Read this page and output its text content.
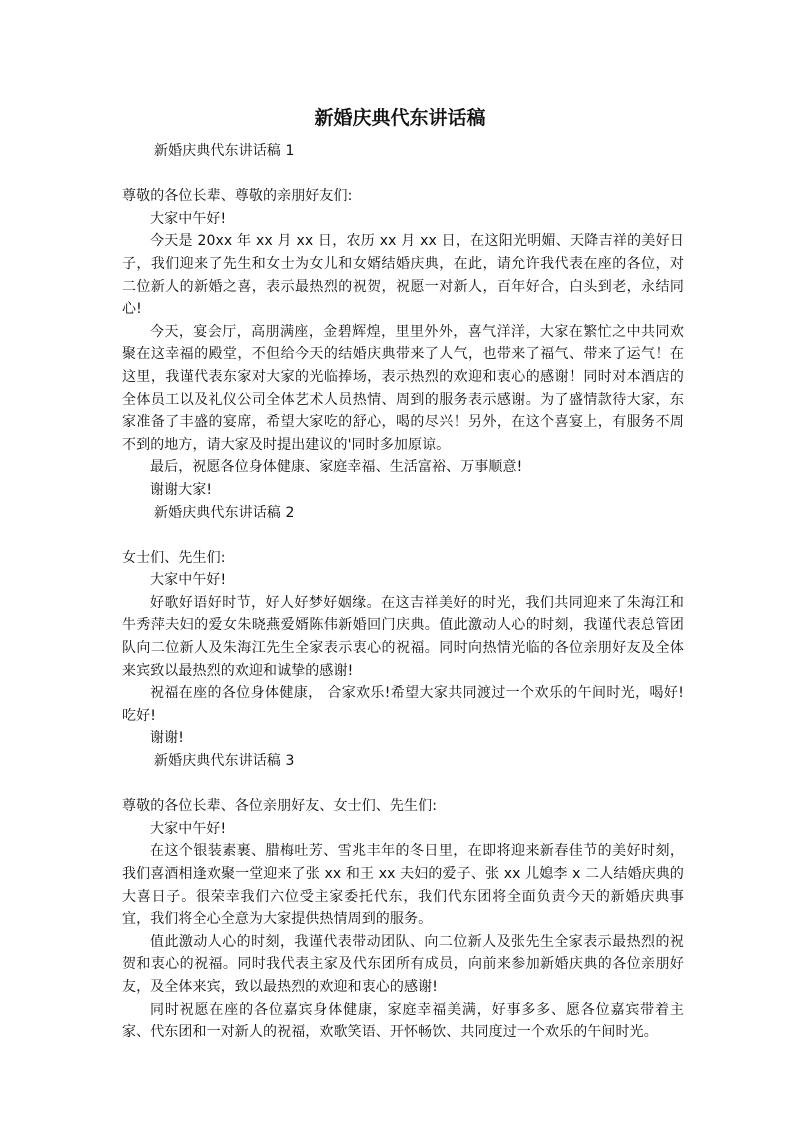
新婚庆典代东讲话稿

新婚庆典代东讲话稿 1

尊敬的各位长辈、尊敬的亲朋好友们:

大家中午好!

今天是 20xx 年 xx 月 xx 日，农历 xx 月 xx 日，在这阳光明媚、天降吉祥的美好日子，我们迎来了先生和女士为女儿和女婿结婚庆典，在此，请允许我代表在座的各位，对二位新人的新婚之喜，表示最热烈的祝贺，祝愿一对新人，百年好合，白头到老，永结同心!

今天，宴会厅，高朋满座，金碧辉煌，里里外外，喜气洋洋，大家在繁忙之中共同欢聚在这幸福的殿堂，不但给今天的结婚庆典带来了人气，也带来了福气、带来了运气！在这里，我谨代表东家对大家的光临捧场，表示热烈的欢迎和衷心的感谢！同时对本酒店的全体员工以及礼仪公司全体艺术人员热情、周到的服务表示感谢。为了盛情款待大家，东家准备了丰盛的宴席，希望大家吃的舒心，喝的尽兴！另外，在这个喜宴上，有服务不周不到的地方，请大家及时提出建议的'同时多加原谅。

最后，祝愿各位身体健康、家庭幸福、生活富裕、万事顺意!

谢谢大家!

新婚庆典代东讲话稿 2

女士们、先生们:

大家中午好!

好歌好语好时节，好人好梦好姻缘。在这吉祥美好的时光，我们共同迎来了朱海江和牛秀萍夫妇的爱女朱晓燕爱婿陈伟新婚回门庆典。值此激动人心的时刻，我谨代表总管团队向二位新人及朱海江先生全家表示衷心的祝福。同时向热情光临的各位亲朋好友及全体来宾致以最热烈的欢迎和诚挚的感谢!

祝福在座的各位身体健康， 合家欢乐!希望大家共同渡过一个欢乐的午间时光，喝好!吃好!

谢谢!

新婚庆典代东讲话稿 3

尊敬的各位长辈、各位亲朋好友、女士们、先生们:

大家中午好!

在这个银装素裹、腊梅吐芳、雪兆丰年的冬日里，在即将迎来新春佳节的美好时刻，我们喜酒相逢欢聚一堂迎来了张 xx 和王 xx 夫妇的爱子、张 xx 儿媳李 x 二人结婚庆典的大喜日子。很荣幸我们六位受主家委托代东，我们代东团将全面负责今天的新婚庆典事宜，我们将全心全意为大家提供热情周到的服务。

值此激动人心的时刻，我谨代表带动团队、向二位新人及张先生全家表示最热烈的祝贺和衷心的祝福。同时我代表主家及代东团所有成员，向前来参加新婚庆典的各位亲朋好友，及全体来宾，致以最热烈的欢迎和衷心的感谢!

同时祝愿在座的各位嘉宾身体健康，家庭幸福美满，好事多多、愿各位嘉宾带着主家、代东团和一对新人的祝福，欢歌笑语、开怀畅饮、共同度过一个欢乐的午间时光。
